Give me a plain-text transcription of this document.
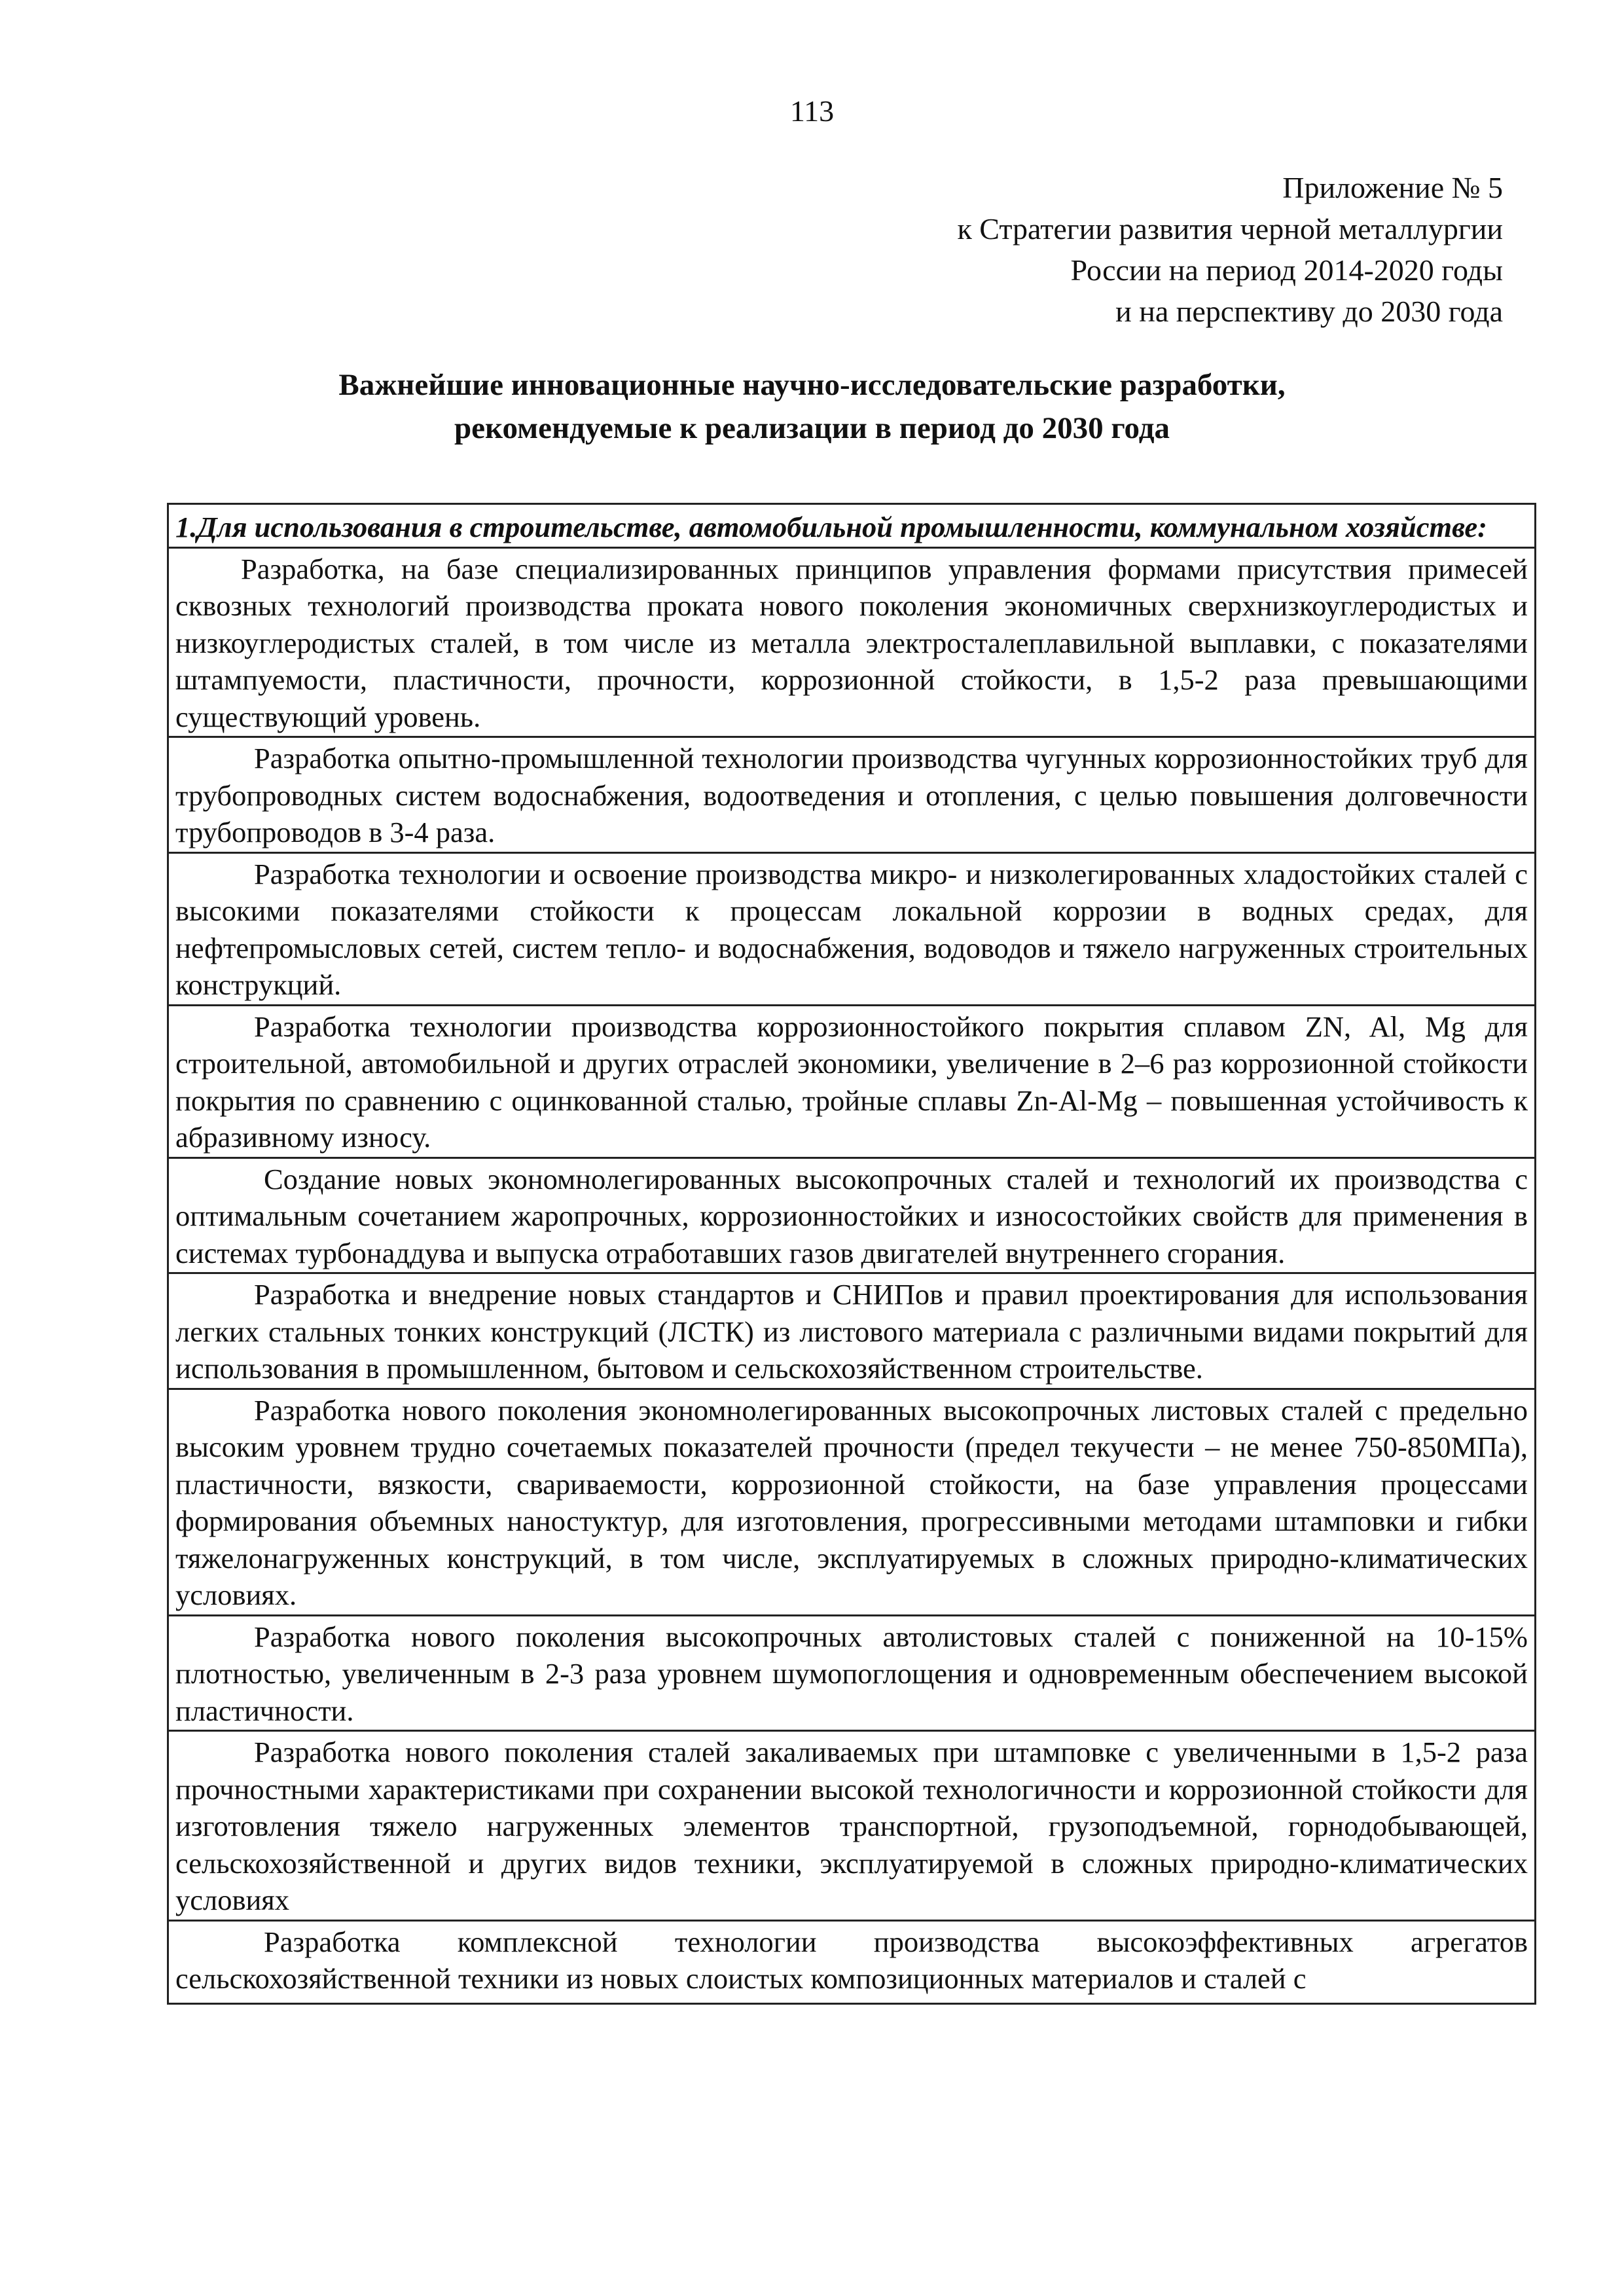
113
Приложение № 5
к Стратегии развития черной металлургии
России на период 2014-2020 годы
и на перспективу до 2030 года
Важнейшие инновационные научно-исследовательские разработки,
рекомендуемые к реализации в период до 2030 года
1.Для использования в строительстве, автомобильной промышленности, коммунальном хозяйстве:
Разработка, на базе специализированных принципов управления формами присутствия примесей сквозных технологий производства проката нового поколения экономичных сверхнизкоуглеродистых и низкоуглеродистых сталей, в том числе из металла электросталеплавильной выплавки, с показателями штампуемости, пластичности, прочности, коррозионной стойкости, в 1,5-2 раза превышающими существующий уровень.
Разработка опытно-промышленной технологии производства чугунных коррозионностойких труб для трубопроводных систем водоснабжения, водоотведения и отопления, с целью повышения долговечности трубопроводов в 3-4 раза.
Разработка технологии и освоение производства микро- и низколегированных хладостойких сталей с высокими показателями стойкости к процессам локальной коррозии в водных средах, для нефтепромысловых сетей, систем тепло- и водоснабжения, водоводов и тяжело нагруженных строительных конструкций.
Разработка технологии производства коррозионностойкого покрытия сплавом ZN, Al, Mg для строительной, автомобильной и других отраслей экономики, увеличение в 2–6 раз коррозионной стойкости покрытия по сравнению с оцинкованной сталью, тройные сплавы Zn-Al-Mg – повышенная устойчивость к абразивному износу.
Создание новых экономнолегированных высокопрочных сталей и технологий их производства с оптимальным сочетанием жаропрочных, коррозионностойких и износостойких свойств для применения в системах турбонаддува и выпуска отработавших газов двигателей внутреннего сгорания.
Разработка и внедрение новых стандартов и СНИПов и правил проектирования для использования легких стальных тонких конструкций (ЛСТК) из листового материала с различными видами покрытий для использования в промышленном, бытовом и сельскохозяйственном строительстве.
Разработка нового поколения экономнолегированных высокопрочных листовых сталей с предельно высоким уровнем трудно сочетаемых показателей прочности (предел текучести – не менее 750-850МПа), пластичности, вязкости, свариваемости, коррозионной стойкости, на базе управления процессами формирования объемных наностуктур, для изготовления, прогрессивными методами штамповки и гибки тяжелонагруженных конструкций, в том числе, эксплуатируемых в сложных природно-климатических условиях.
Разработка нового поколения высокопрочных автолистовых сталей с пониженной на 10-15% плотностью, увеличенным в 2-3 раза уровнем шумопоглощения и одновременным обеспечением высокой пластичности.
Разработка нового поколения сталей закаливаемых при штамповке с увеличенными в 1,5-2 раза прочностными характеристиками при сохранении высокой технологичности и коррозионной стойкости для изготовления тяжело нагруженных элементов транспортной, грузоподъемной, горнодобывающей, сельскохозяйственной и других видов техники, эксплуатируемой в сложных природно-климатических условиях
Разработка комплексной технологии производства высокоэффективных агрегатов сельскохозяйственной техники из новых слоистых композиционных материалов и сталей с
